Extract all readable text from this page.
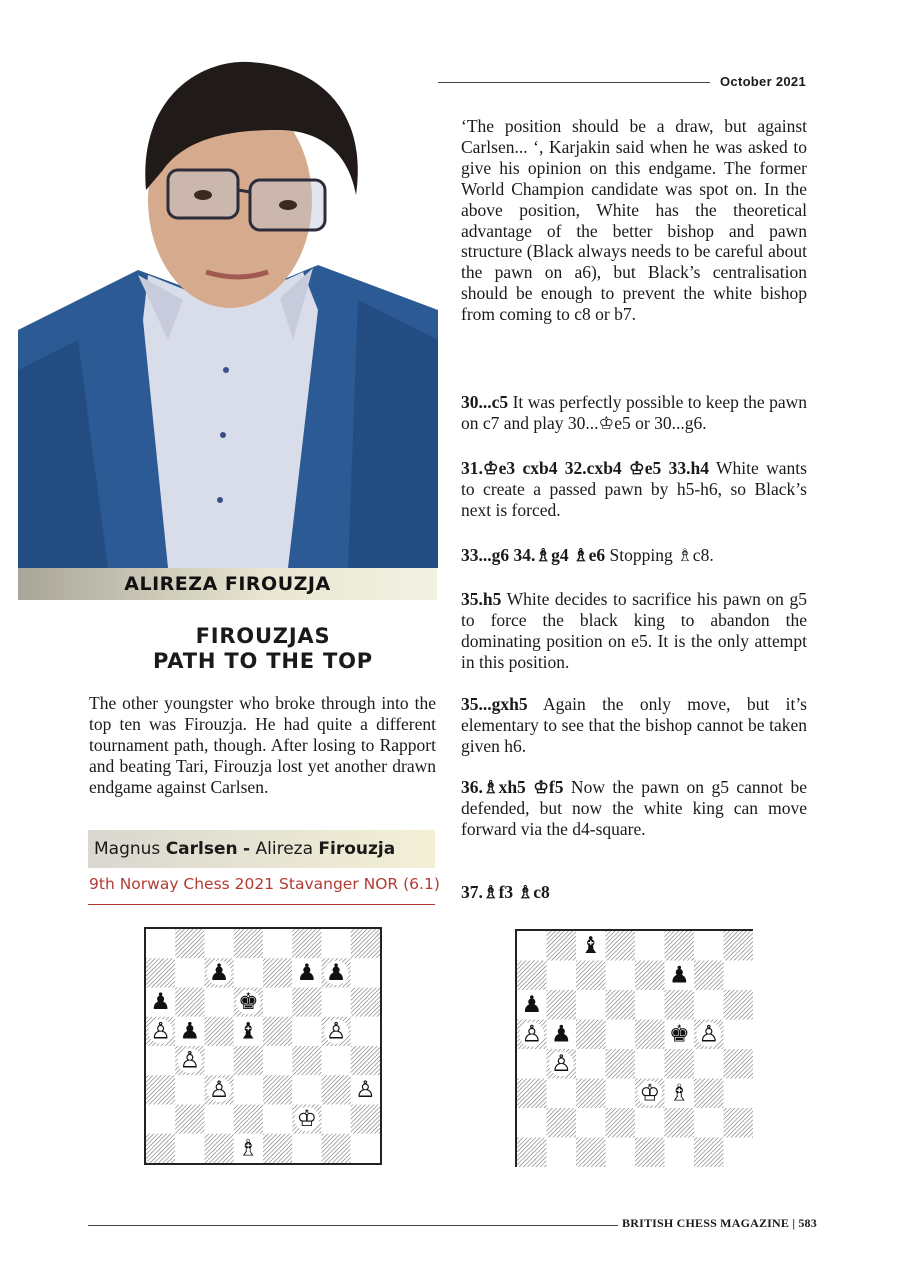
October 2021
ALIREZA FIROUZJA
FIROUZJAS
PATH TO THE TOP

The other youngster who broke through into the top ten was Firouzja. He had quite a different tournament path, though. After losing to Rapport and beating Tari, Firouzja lost yet another drawn endgame against Carlsen.

Magnus Carlsen - Alireza Firouzja
9th Norway Chess 2021 Stavanger NOR (6.1)

‘The position should be a draw, but against Carlsen... ‘, Karjakin said when he was asked to give his opinion on this endgame. The former World Champion candidate was spot on. In the above position, White has the theoretical advantage of the better bishop and pawn structure (Black always needs to be careful about the pawn on a6), but Black’s centralisation should be enough to prevent the white bishop from coming to c8 or b7.

30...c5 It was perfectly possible to keep the pawn on c7 and play 30...♔e5 or 30...g6.

31.♔e3 cxb4 32.cxb4 ♔e5 33.h4 White wants to create a passed pawn by h5-h6, so Black’s next is forced.

33...g6 34.♗g4 ♗e6 Stopping ♗c8.

35.h5 White decides to sacrifice his pawn on g5 to force the black king to abandon the dominating position on e5. It is the only attempt in this position.

35...gxh5 Again the only move, but it’s elementary to see that the bishop cannot be taken given h6.

36.♗xh5 ♔f5 Now the pawn on g5 cannot be defended, but now the white king can move forward via the d4-square.

37.♗f3 ♗c8

♟	♟ ♟
♟	♚
♙ ♟ ♝	♙
♙
♙	♙
♔
♗
♝
♟
♟
♙ ♟	♚ ♙
♙
♔ ♗
BRITISH CHESS MAGAZINE | 583
